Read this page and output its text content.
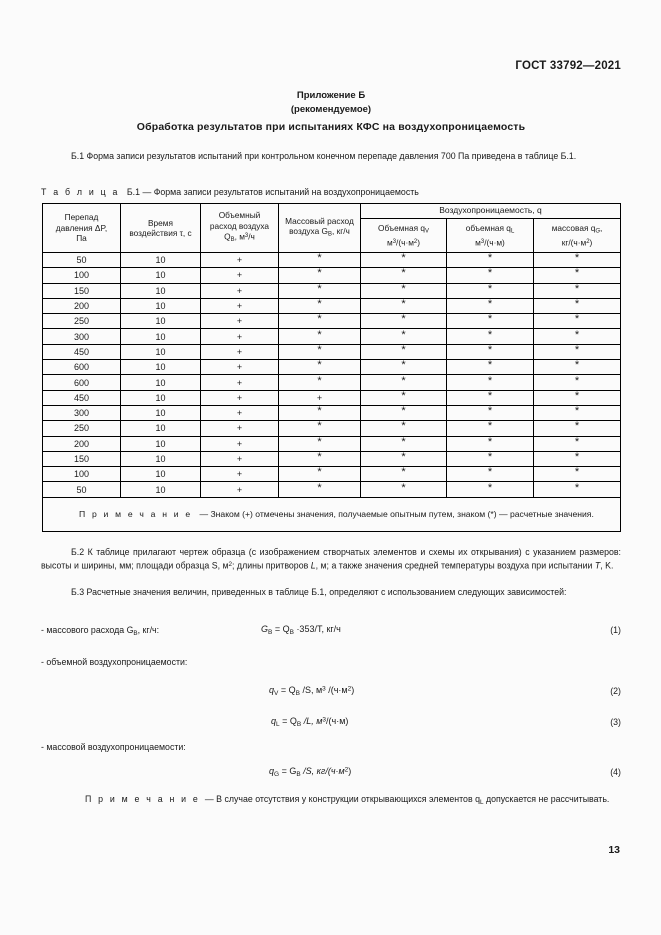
ГОСТ 33792—2021
Приложение Б
(рекомендуемое)
Обработка результатов при испытаниях КФС на воздухопроницаемость
Б.1 Форма записи результатов испытаний при контрольном конечном перепаде давления 700 Па приведена в таблице Б.1.
Т а б л и ц а Б.1 — Форма записи результатов испытаний на воздухопроницаемость
Перепад
давления ΔP,
Па	Время
воздействия τ, с	Объемный
расход воздуха
$Q_В$, $м^3/ч$	Массовый расход
воздуха $G_В$, кг/ч	Воздухопроницаемость, q		
				Объемная $q_V$
$м^3/(ч\cdot м^2)$	объемная $q_L$
$м^3/(ч\cdot м)$	массовая $q_G$,
$кг/(ч\cdot м^2)$
50	10	+	*	*	*	*
100	10	+	*	*	*	*
150	10	+	*	*	*	*
200	10	+	*	*	*	*
250	10	+	*	*	*	*
300	10	+	*	*	*	*
450	10	+	*	*	*	*
600	10	+	*	*	*	*
600	10	+	*	*	*	*
450	10	+	+	*	*	*
300	10	+	*	*	*	*
250	10	+	*	*	*	*
200	10	+	*	*	*	*
150	10	+	*	*	*	*
100	10	+	*	*	*	*
50	10	+	*	*	*	*
П р и м е ч а н и е — Знаком (+) отмечены значения, получаемые опытным путем, знаком (*) — расчетные значения.						
Б.2 К таблице прилагают чертеж образца (с изображением створчатых элементов и схемы их открывания) с указанием размеров: высоты и ширины, мм; площади образца S, $м^2$; длины притворов L, м; а также значения средней температуры воздуха при испытании T, K.
Б.3 Расчетные значения величин, приведенных в таблице Б.1, определяют с использованием следующих зависимостей:
- массового расхода $G_В$, кг/ч:	$G_В = Q_В \cdot 353/T$, кг/ч	(1)
- объемной воздухопроницаемости:
$q_V = Q_В$ /S, $м^3$ $/(ч\cdot м^2)$	(2)
$q_L = Q_В$ /L, $м^3/(ч\cdot м)$	(3)
- массовой воздухопроницаемости:
$q_G = G_В$ /S, $кг/(ч\cdot м^2)$	(4)
П р и м е ч а н и е — В случае отсутствия у конструкции открывающихся элементов $q_L$ допускается не рассчитывать.
13
